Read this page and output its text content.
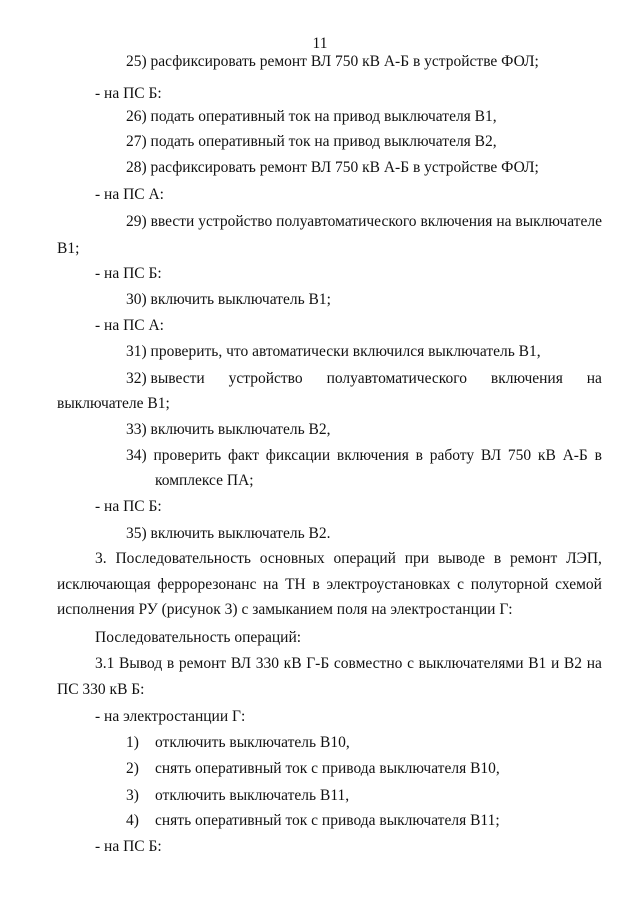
11
25) расфиксировать ремонт ВЛ 750 кВ А-Б в устройстве ФОЛ;
- на ПС Б:
26) подать оперативный ток на привод выключателя В1,
27) подать оперативный ток на привод выключателя В2,
28) расфиксировать ремонт ВЛ 750 кВ А-Б в устройстве ФОЛ;
- на ПС А:
29) ввести устройство полуавтоматического включения на выключателе
В1;
- на ПС Б:
30) включить выключатель В1;
- на ПС А:
31) проверить, что автоматически включился выключатель В1,
32) вывести устройство полуавтоматического включения на
выключателе В1;
33) включить выключатель В2,
34) проверить факт фиксации включения в работу ВЛ 750 кВ А-Б в
комплексе ПА;
- на ПС Б:
35) включить выключатель В2.
3. Последовательность основных операций при выводе в ремонт ЛЭП,
исключающая феррорезонанс на ТН в электроустановках с полуторной схемой
исполнения РУ (рисунок 3) с замыканием поля на электростанции Г:
Последовательность операций:
3.1 Вывод в ремонт ВЛ 330 кВ Г-Б совместно с выключателями В1 и В2 на
ПС 330 кВ Б:
- на электростанции Г:
1) отключить выключатель В10,
2) снять оперативный ток с привода выключателя В10,
3) отключить выключатель В11,
4) снять оперативный ток с привода выключателя В11;
- на ПС Б:
